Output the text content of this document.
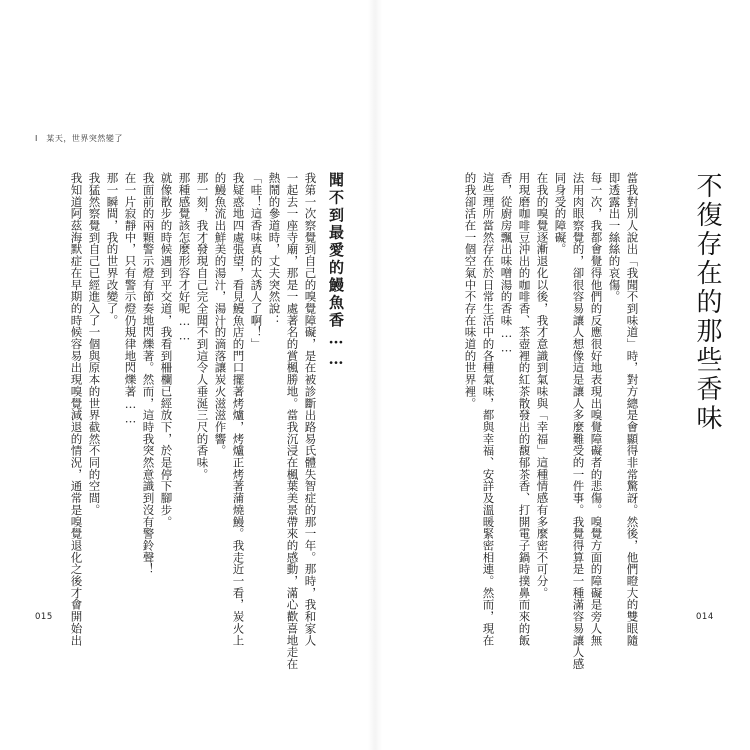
I　某天，世界突然變了
我第一次察覺到自己的嗅覺障礙，是在被診斷出路易氏體失智症的那一年。那時，我和家人
一起去一座寺廟，那是一處著名的賞楓勝地。當我沉浸在楓葉美景帶來的感動，滿心歡喜地走在
熱鬧的參道時，丈夫突然說：
「哇！這香味真的太誘人了啊！」
我疑惑地四處張望，看見鰻魚店的門口擺著烤爐，烤爐正烤著蒲燒鰻。我走近一看，炭火上
的鰻魚流出鮮美的湯汁，湯汁的滴落讓炭火滋滋作響。
那一刻，我才發現自己完全聞不到這令人垂涎三尺的香味。
那種感覺該怎麼形容才好呢……
就像散步的時候遇到平交道，我看到柵欄已經放下，於是停下腳步。
我面前的兩顆警示燈有節奏地閃爍著。然而，這時我突然意識到沒有警鈴聲！
在一片寂靜中，只有警示燈仍規律地閃爍著……
那一瞬間，我的世界改變了。
我猛然察覺到自己已經進入了一個與原本的世界截然不同的空間。
我知道阿茲海默症在早期的時候容易出現嗅覺減退的情況，通常是嗅覺退化之後才會開始出
015
聞不到最愛的鰻魚香……	不復存在的那些香味
當我對別人說出「我聞不到味道」時，對方總是會顯得非常驚訝。然後，他們瞪大的雙眼隨
即透露出一絲絲的哀傷。
每一次，我都會覺得他們的反應很好地表現出嗅覺障礙者的悲傷。嗅覺方面的障礙是旁人無
法用肉眼察覺的，卻很容易讓人想像這是讓人多麼難受的一件事。我覺得算是一種滿容易讓人感
同身受的障礙。
在我的嗅覺逐漸退化以後，我才意識到氣味與「幸福」這種情感有多麼密不可分。
用現磨咖啡豆沖出的咖啡香、茶壺裡的紅茶散發出的馥郁茶香、打開電子鍋時撲鼻而來的飯
香，從廚房飄出味噌湯的香味……
這些理所當然存在於日常生活中的各種氣味，都與幸福、安詳及溫暖緊密相連。然而，現在
的我卻活在一個空氣中不存在味道的世界裡。
014
